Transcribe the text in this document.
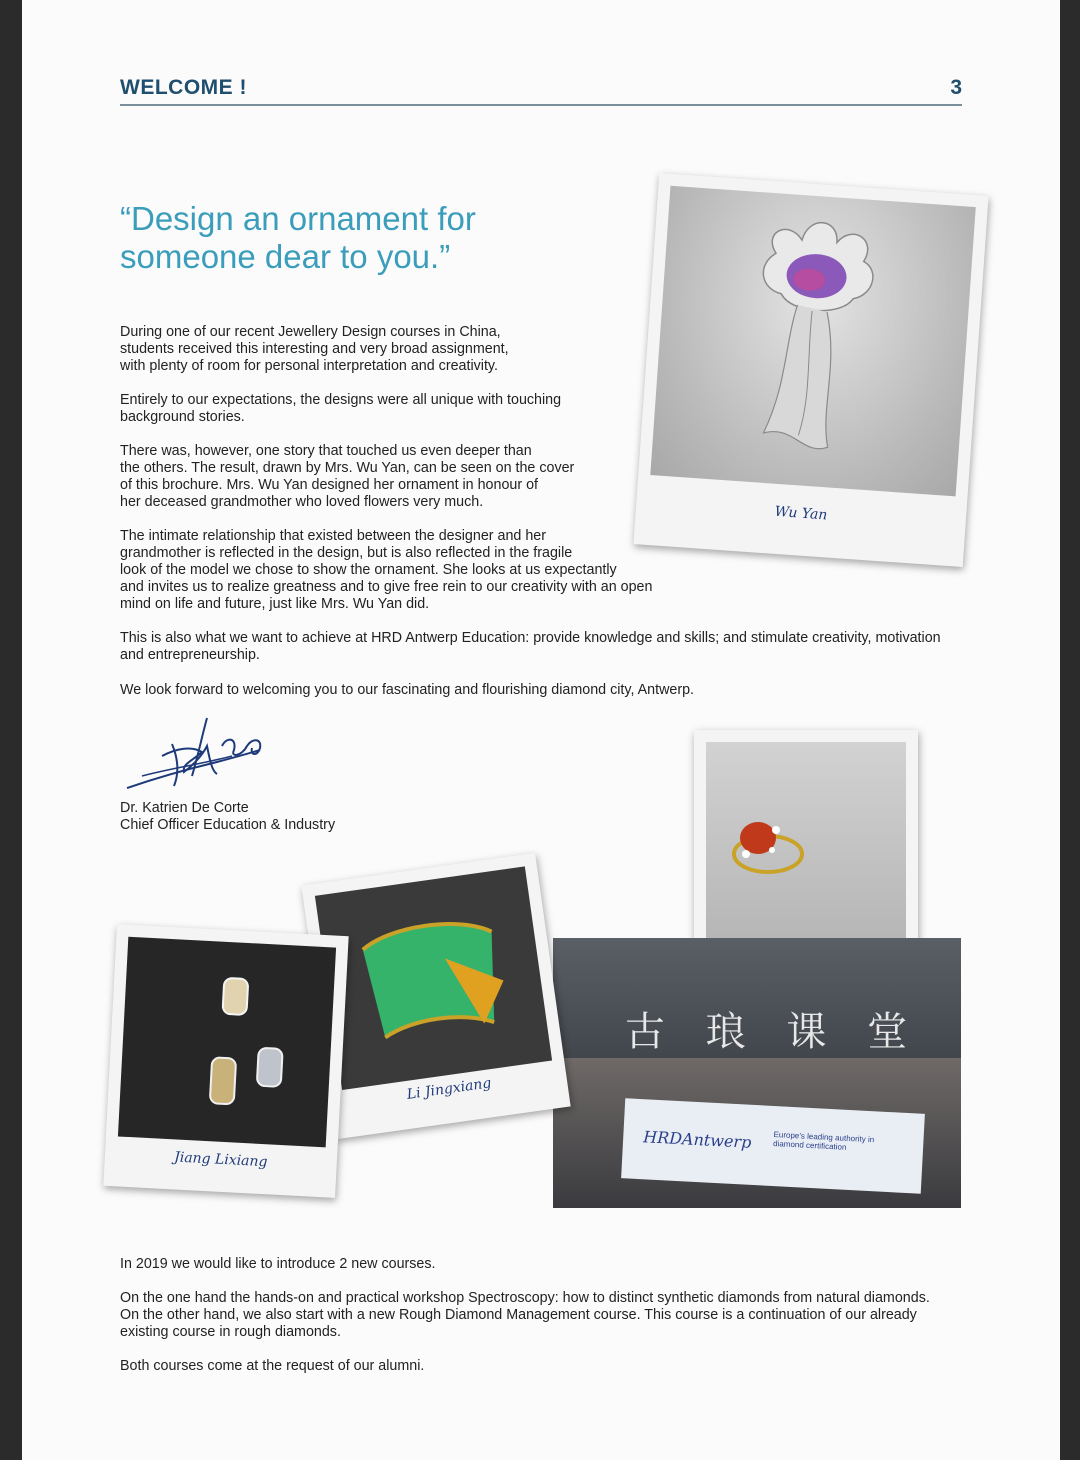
WELCOME !	3
“Design an ornament for
someone dear to you.”
During one of our recent Jewellery Design courses in China,
students received this interesting and very broad assignment,
with plenty of room for personal interpretation and creativity.
Entirely to our expectations, the designs were all unique with touching
background stories.
There was, however, one story that touched us even deeper than
the others. The result, drawn by Mrs. Wu Yan, can be seen on the cover
of this brochure. Mrs. Wu Yan designed her ornament in honour of
her deceased grandmother who loved flowers very much.
The intimate relationship that existed between the designer and her
grandmother is reflected in the design, but is also reflected in the fragile
look of the model we chose to show the ornament. She looks at us expectantly
and invites us to realize greatness and to give free rein to our creativity with an open
mind on life and future, just like Mrs. Wu Yan did.
This is also what we want to achieve at HRD Antwerp Education: provide knowledge and skills; and stimulate creativity, motivation
and entrepreneurship.
We look forward to welcoming you to our fascinating and flourishing diamond city, Antwerp.
Dr. Katrien De Corte
Chief Officer Education & Industry
Wu Yan
古 琅 课 堂
HRDAntwerp	Europe's leading authority in diamond certification
Li Jingxiang
Jiang Lixiang
In 2019 we would like to introduce 2 new courses.
On the one hand the hands-on and practical workshop Spectroscopy: how to distinct synthetic diamonds from natural diamonds.
On the other hand, we also start with a new Rough Diamond Management course. This course is a continuation of our already
existing course in rough diamonds.
Both courses come at the request of our alumni.
